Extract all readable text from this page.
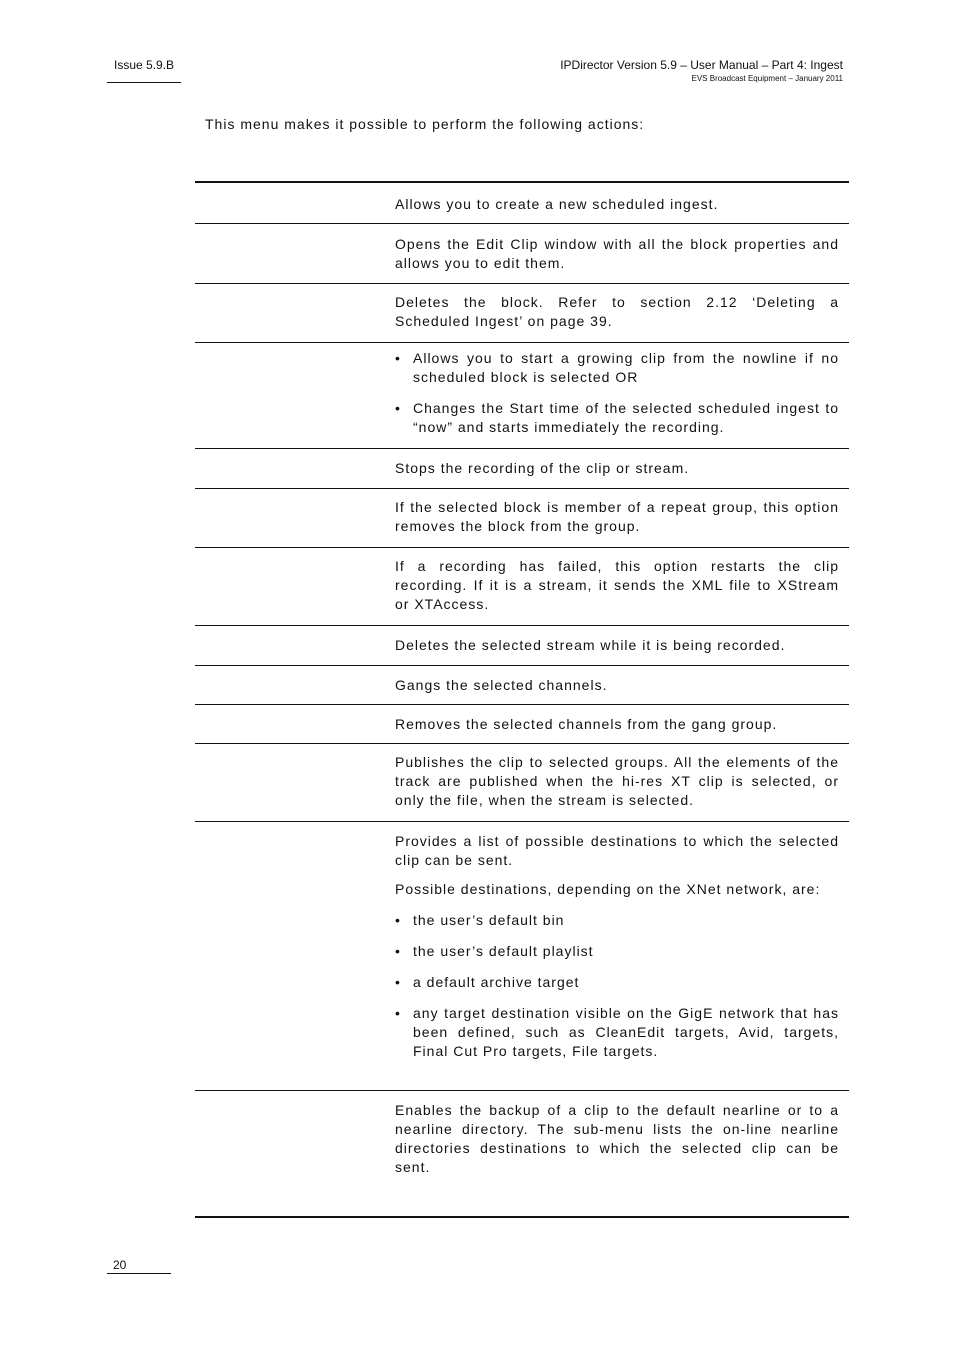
Issue 5.9.B	IPDirector Version 5.9 – User Manual – Part 4: Ingest
EVS Broadcast Equipment – January 2011
This menu makes it possible to perform the following actions:

Allows you to create a new scheduled ingest.

Opens the Edit Clip window with all the block properties and allows you to edit them.

Deletes the block. Refer to section 2.12 ‘Deleting a Scheduled Ingest’ on page 39.

• Allows you to start a growing clip from the nowline if no scheduled block is selected OR
• Changes the Start time of the selected scheduled ingest to “now” and starts immediately the recording.

Stops the recording of the clip or stream.

If the selected block is member of a repeat group, this option removes the block from the group.

If a recording has failed, this option restarts the clip recording. If it is a stream, it sends the XML file to XStream or XTAccess.

Deletes the selected stream while it is being recorded.

Gangs the selected channels.

Removes the selected channels from the gang group.

Publishes the clip to selected groups. All the elements of the track are published when the hi-res XT clip is selected, or only the file, when the stream is selected.

Provides a list of possible destinations to which the selected clip can be sent.

Possible destinations, depending on the XNet network, are:

• the user’s default bin
• the user’s default playlist
• a default archive target
• any target destination visible on the GigE network that has been defined, such as CleanEdit targets, Avid, targets, Final Cut Pro targets, File targets.

Enables the backup of a clip to the default nearline or to a nearline directory. The sub-menu lists the on-line nearline directories destinations to which the selected clip can be sent.

20
